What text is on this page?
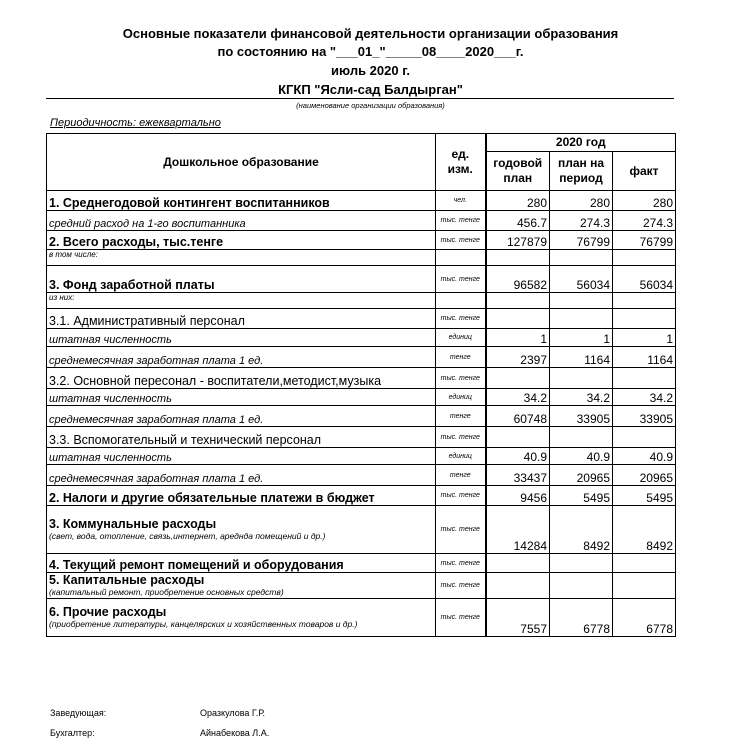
Основные показатели финансовой деятельности организации образования
по состоянию на "___01_"_____08____2020___г.
июль 2020 г.
КГКП "Ясли-сад Балдырган"
(наименование организации образования)
Периодичность: ежеквартально
Дошкольное образование	ед. изм.	2020 год		
		годовой план	план на период	факт
1. Среднегодовой контингент воспитанников	чел.	280	280	280
средний расход на 1-го воспитанника	тыс. тенге	456.7	274.3	274.3
2. Всего расходы, тыс.тенге	тыс. тенге	127879	76799	76799
в том числе:				
3. Фонд заработной платы	тыс. тенге	96582	56034	56034
из них:				
3.1. Административный персонал	тыс. тенге			
штатная численность	единиц	1	1	1
среднемесячная заработная плата 1 ед.	тенге	2397	1164	1164
3.2. Основной пересонал - воспитатели,методист,музыка	тыс. тенге			
штатная численность	единиц	34.2	34.2	34.2
среднемесячная заработная плата 1 ед.	тенге	60748	33905	33905
3.3. Вспомогательный и технический персонал	тыс. тенге			
штатная численность	единиц	40.9	40.9	40.9
среднемесячная заработная плата 1 ед.	тенге	33437	20965	20965
2. Налоги и другие обязательные платежи в бюджет	тыс. тенге	9456	5495	5495
3. Коммунальные расходы
(свет, вода, отопление, связь,интернет, ареднда помещений и др.)	тыс. тенге	14284	8492	8492
4. Текущий ремонт помещений и оборудования	тыс. тенге			
5. Капитальные расходы
(капитальный ремонт, приобретение основных средств)	тыс. тенге			
6. Прочие расходы
(приобретение литературы, канцелярских и хозяйственных товаров и др.)	тыс. тенге	7557	6778	6778
Заведующая:	Оразкулова Г.Р.
Бухгалтер:	Айнабекова Л.А.
